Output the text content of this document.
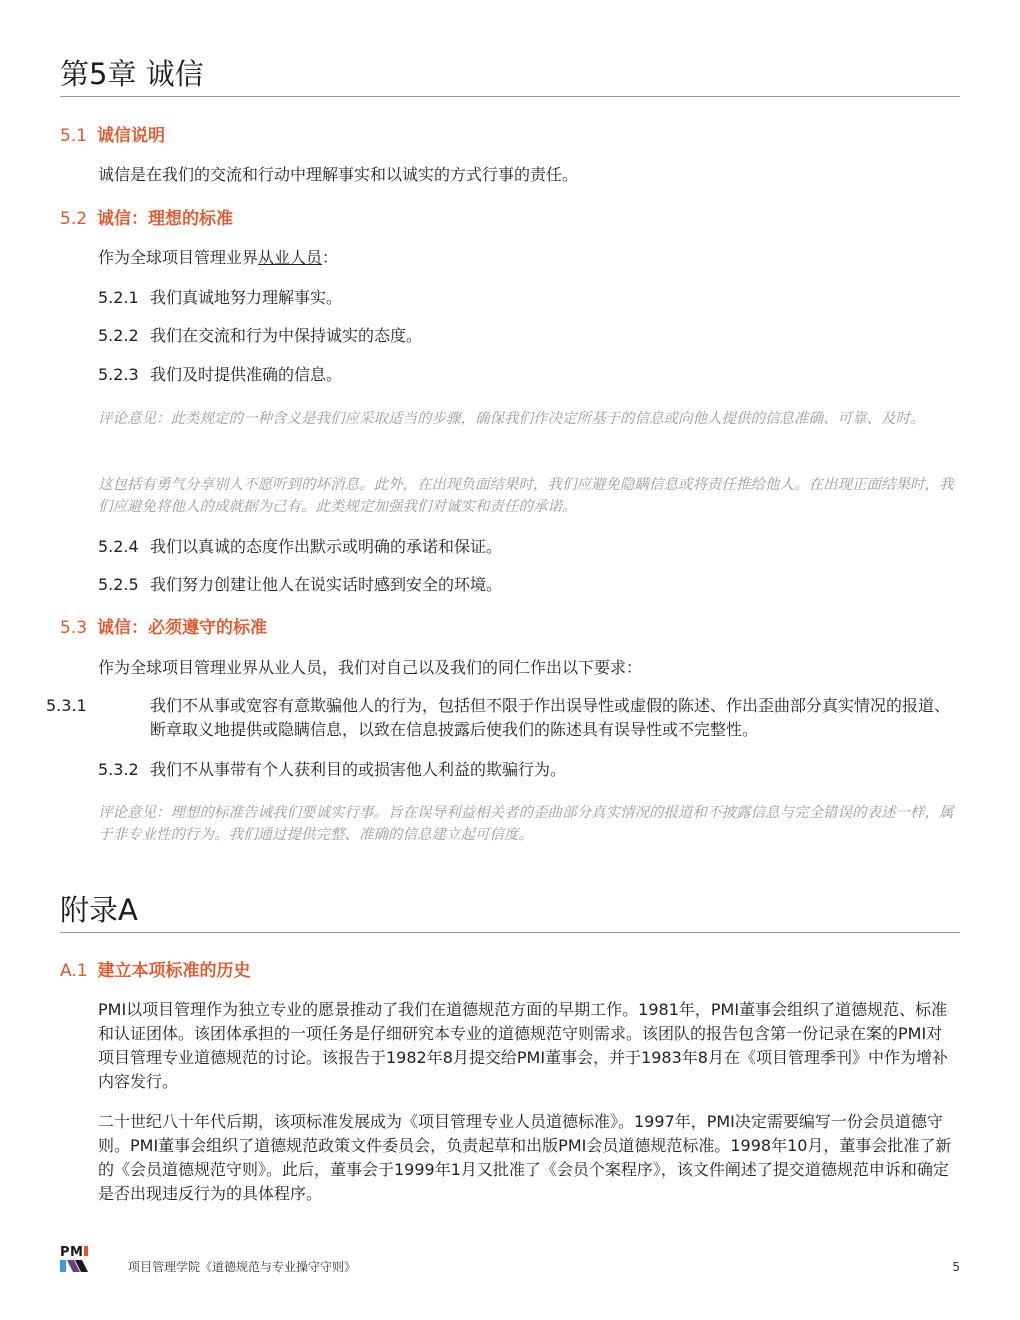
第5章 诚信
5.1 诚信说明

诚信是在我们的交流和行动中理解事实和以诚实的方式行事的责任。

5.2 诚信：理想的标准

作为全球项目管理业界从业人员：

5.2.1 我们真诚地努力理解事实。

5.2.2 我们在交流和行为中保持诚实的态度。

5.2.3 我们及时提供准确的信息。

评论意见：此类规定的一种含义是我们应采取适当的步骤，确保我们作决定所基于的信息或向他人提供的信息准确、可靠、及时。

这包括有勇气分享别人不愿听到的坏消息。此外，在出现负面结果时，我们应避免隐瞒信息或将责任推给他人。在出现正面结果时，我们应避免将他人的成就据为己有。此类规定加强我们对诚实和责任的承诺。

5.2.4 我们以真诚的态度作出默示或明确的承诺和保证。

5.2.5 我们努力创建让他人在说实话时感到安全的环境。

5.3 诚信：必须遵守的标准

作为全球项目管理业界从业人员，我们对自己以及我们的同仁作出以下要求：

5.3.1	我们不从事或宽容有意欺骗他人的行为，包括但不限于作出误导性或虚假的陈述、作出歪曲部分真实情况的报道、断章取义地提供或隐瞒信息，以致在信息披露后使我们的陈述具有误导性或不完整性。

5.3.2 我们不从事带有个人获利目的或损害他人利益的欺骗行为。

评论意见：理想的标准告诫我们要诚实行事。旨在误导利益相关者的歪曲部分真实情况的报道和不披露信息与完全错误的表述一样，属于非专业性的行为。我们通过提供完整、准确的信息建立起可信度。

附录A
A.1 建立本项标准的历史

PMI以项目管理作为独立专业的愿景推动了我们在道德规范方面的早期工作。1981年，PMI董事会组织了道德规范、标准和认证团体。该团体承担的一项任务是仔细研究本专业的道德规范守则需求。该团队的报告包含第一份记录在案的PMI对项目管理专业道德规范的讨论。该报告于1982年8月提交给PMI董事会，并于1983年8月在《项目管理季刊》中作为增补内容发行。

二十世纪八十年代后期，该项标准发展成为《项目管理专业人员道德标准》。1997年，PMI决定需要编写一份会员道德守则。PMI董事会组织了道德规范政策文件委员会，负责起草和出版PMI会员道德规范标准。1998年10月，董事会批准了新的《会员道德规范守则》。此后，董事会于1999年1月又批准了《会员个案程序》，该文件阐述了提交道德规范申诉和确定是否出现违反行为的具体程序。

P M
项目管理学院《道德规范与专业操守守则》	5
